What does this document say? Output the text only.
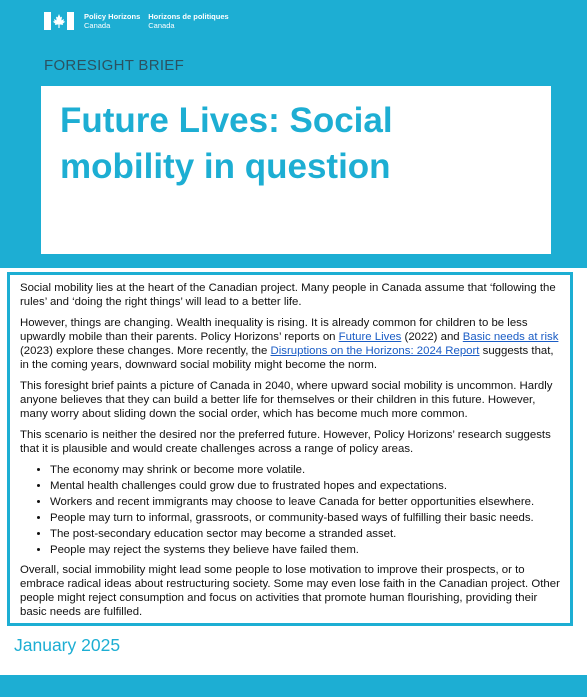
Policy Horizons
Canada
Horizons de politiques
Canada
FORESIGHT BRIEF
Future Lives: Social mobility in question

Social mobility lies at the heart of the Canadian project. Many people in Canada assume that ‘following the rules’ and ‘doing the right things’ will lead to a better life.

However, things are changing. Wealth inequality is rising. It is already common for children to be less upwardly mobile than their parents. Policy Horizons’ reports on Future Lives (2022) and Basic needs at risk (2023) explore these changes. More recently, the Disruptions on the Horizons: 2024 Report suggests that, in the coming years, downward social mobility might become the norm.

This foresight brief paints a picture of Canada in 2040, where upward social mobility is uncommon. Hardly anyone believes that they can build a better life for themselves or their children in this future. However, many worry about sliding down the social order, which has become much more common.

This scenario is neither the desired nor the preferred future. However, Policy Horizons’ research suggests that it is plausible and would create challenges across a range of policy areas.

• The economy may shrink or become more volatile.
• Mental health challenges could grow due to frustrated hopes and expectations.
• Workers and recent immigrants may choose to leave Canada for better opportunities elsewhere.
• People may turn to informal, grassroots, or community-based ways of fulfilling their basic needs.
• The post-secondary education sector may become a stranded asset.
• People may reject the systems they believe have failed them.

Overall, social immobility might lead some people to lose motivation to improve their prospects, or to embrace radical ideas about restructuring society. Some may even lose faith in the Canadian project. Other people might reject consumption and focus on activities that promote human flourishing, providing their basic needs are fulfilled.

January 2025
